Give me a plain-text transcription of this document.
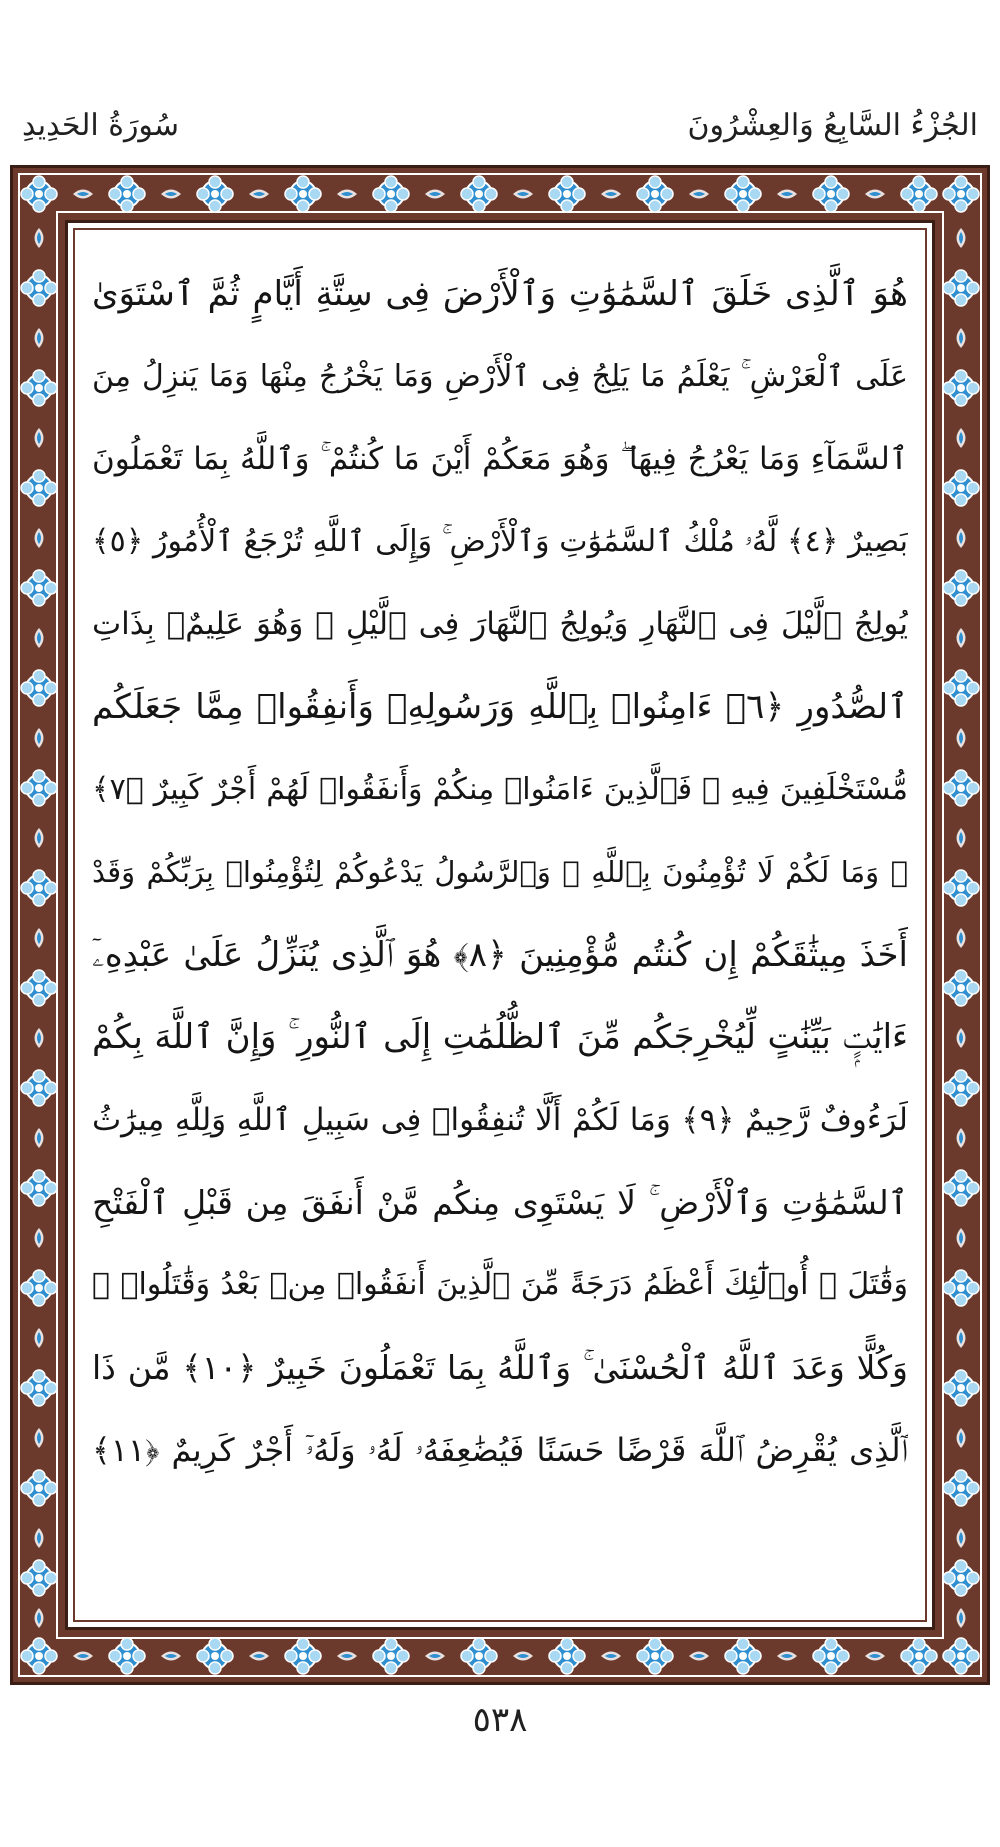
سُورَةُ الحَدِيدِ	الجُزْءُ السَّابِعُ وَالعِشْرُونَ
هُوَ ٱلَّذِى خَلَقَ ٱلسَّمَٰوَٰتِ وَٱلْأَرْضَ فِى سِتَّةِ أَيَّامٍ ثُمَّ ٱسْتَوَىٰ
عَلَى ٱلْعَرْشِ ۚ يَعْلَمُ مَا يَلِجُ فِى ٱلْأَرْضِ وَمَا يَخْرُجُ مِنْهَا وَمَا يَنزِلُ مِنَ
ٱلسَّمَآءِ وَمَا يَعْرُجُ فِيهَا ۖ وَهُوَ مَعَكُمْ أَيْنَ مَا كُنتُمْ ۚ وَٱللَّهُ بِمَا تَعْمَلُونَ
بَصِيرٌ ﴿٤﴾ لَّهُۥ مُلْكُ ٱلسَّمَٰوَٰتِ وَٱلْأَرْضِ ۚ وَإِلَى ٱللَّهِ تُرْجَعُ ٱلْأُمُورُ ﴿٥﴾
يُولِجُ ٱلَّيْلَ فِى ٱلنَّهَارِ وَيُولِجُ ٱلنَّهَارَ فِى ٱلَّيْلِ ۚ وَهُوَ عَلِيمٌۢ بِذَاتِ
ٱلصُّدُورِ ﴿٦﴾ ءَامِنُوا۟ بِٱللَّهِ وَرَسُولِهِۦ وَأَنفِقُوا۟ مِمَّا جَعَلَكُم
مُّسْتَخْلَفِينَ فِيهِ ۖ فَٱلَّذِينَ ءَامَنُوا۟ مِنكُمْ وَأَنفَقُوا۟ لَهُمْ أَجْرٌ كَبِيرٌ ﴿٧﴾
۞ وَمَا لَكُمْ لَا تُؤْمِنُونَ بِٱللَّهِ ۙ وَٱلرَّسُولُ يَدْعُوكُمْ لِتُؤْمِنُوا۟ بِرَبِّكُمْ وَقَدْ
أَخَذَ مِيثَٰقَكُمْ إِن كُنتُم مُّؤْمِنِينَ ﴿٨﴾ هُوَ ٱلَّذِى يُنَزِّلُ عَلَىٰ عَبْدِهِۦٓ
ءَايَٰتٍۭ بَيِّنَٰتٍ لِّيُخْرِجَكُم مِّنَ ٱلظُّلُمَٰتِ إِلَى ٱلنُّورِ ۚ وَإِنَّ ٱللَّهَ بِكُمْ
لَرَءُوفٌ رَّحِيمٌ ﴿٩﴾ وَمَا لَكُمْ أَلَّا تُنفِقُوا۟ فِى سَبِيلِ ٱللَّهِ وَلِلَّهِ مِيرَٰثُ
ٱلسَّمَٰوَٰتِ وَٱلْأَرْضِ ۚ لَا يَسْتَوِى مِنكُم مَّنْ أَنفَقَ مِن قَبْلِ ٱلْفَتْحِ
وَقَٰتَلَ ۚ أُو۟لَٰٓئِكَ أَعْظَمُ دَرَجَةً مِّنَ ٱلَّذِينَ أَنفَقُوا۟ مِنۢ بَعْدُ وَقَٰتَلُوا۟ ۚ
وَكُلًّا وَعَدَ ٱللَّهُ ٱلْحُسْنَىٰ ۚ وَٱللَّهُ بِمَا تَعْمَلُونَ خَبِيرٌ ﴿١٠﴾ مَّن ذَا
ٱلَّذِى يُقْرِضُ ٱللَّهَ قَرْضًا حَسَنًا فَيُضَٰعِفَهُۥ لَهُۥ وَلَهُۥٓ أَجْرٌ كَرِيمٌ ﴿١١﴾
٥٣٨
